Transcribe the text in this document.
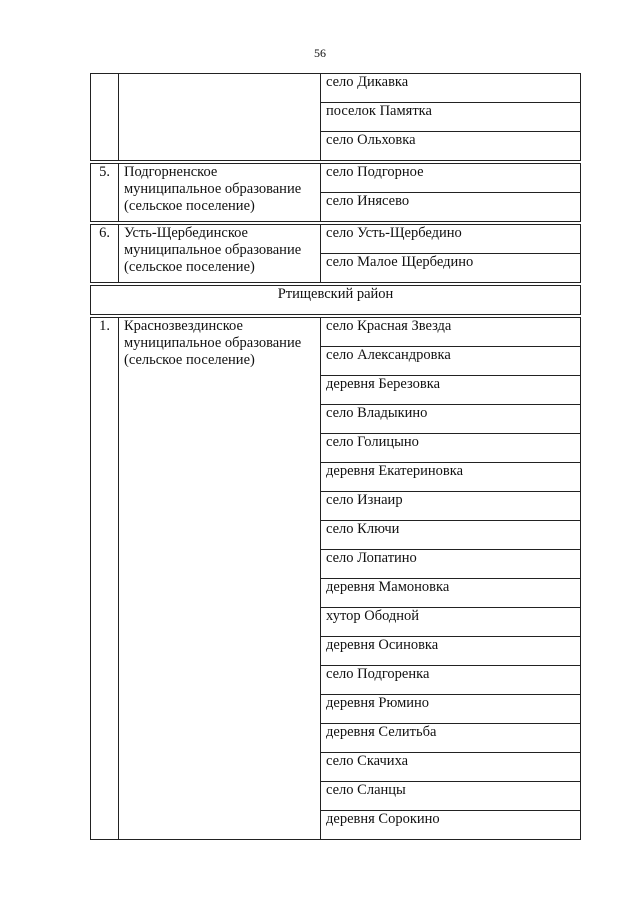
56
		село Дикавка
		поселок Памятка
		село Ольховка

5.	Подгорненское муниципальное образование (сельское поселение)	село Подгорное
		село Инясево

6.	Усть-Щербединское муниципальное образование (сельское поселение)	село Усть-Щербедино
		село Малое Щербедино

Ртищевский район		

1.	Краснозвездинское муниципальное образование (сельское поселение)	село Красная Звезда
		село Александровка
		деревня Березовка
		село Владыкино
		село Голицыно
		деревня Екатериновка
		село Изнаир
		село Ключи
		село Лопатино
		деревня Мамоновка
		хутор Ободной
		деревня Осиновка
		село Подгоренка
		деревня Рюмино
		деревня Селитьба
		село Скачиха
		село Сланцы
		деревня Сорокино
